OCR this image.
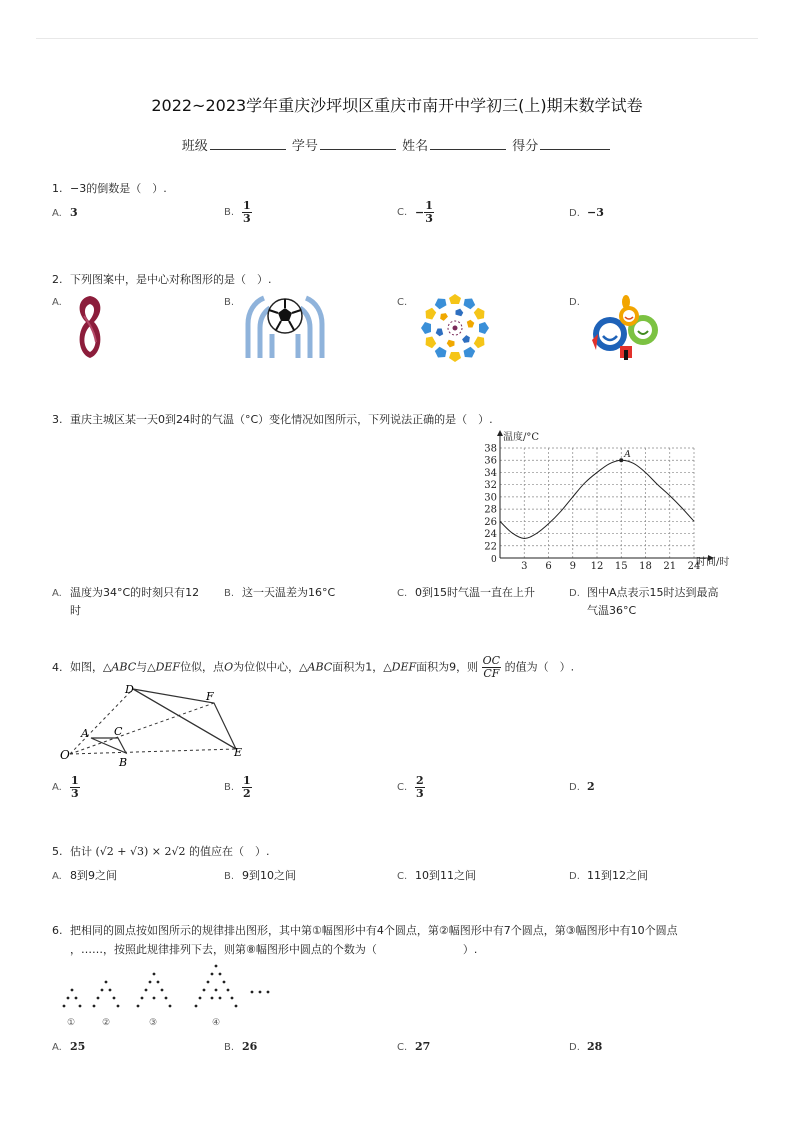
2022~2023学年重庆沙坪坝区重庆市南开中学初三(上)期末数学试卷
班级	学号	姓名	得分
1. −3的倒数是（　）.
A. 3	B. $\frac{1}{3}$	C. − $\frac{1}{3}$	D. −3
2. 下列图案中，是中心对称图形的是（　）.
A.	B.	C.	D.
3. 重庆主城区某一天0到24时的气温（°C）变化情况如图所示，下列说法正确的是（　）.
3 6 9 12 15 18 21 24
22
24
26
28
30
32
34
36
38
A
温度/°C
时间/时
0
A. 温度为34°C的时刻只有12
时
B. 这一天温差为16°C	C. 0到15时气温一直在上升	D. 图中A点表示15时达到最高
气温36°C
4. 如图，△ABC与△DEF位似，点O为位似中心，△ABC面积为1，△DEF面积为9，则 $\frac{OC}{CF}$ 的值为（　）.
O
A
B
C
D
E
F
A. $\frac{1}{3}$	B. $\frac{1}{2}$	C. $\frac{2}{3}$	D. 2
5. 估计 (√2 + √3) × 2√2 的值应在（　）.
A. 8到9之间	B. 9到10之间	C. 10到11之间	D. 11到12之间
6. 把相同的圆点按如图所示的规律排出图形，其中第①幅图形中有4个圆点，第②幅图形中有7个圆点，第③幅图形中有10个圆点
，……，按照此规律排列下去，则第⑧幅图形中圆点的个数为（	）.
①	②	③	④
A. 25	B. 26	C. 27	D. 28
